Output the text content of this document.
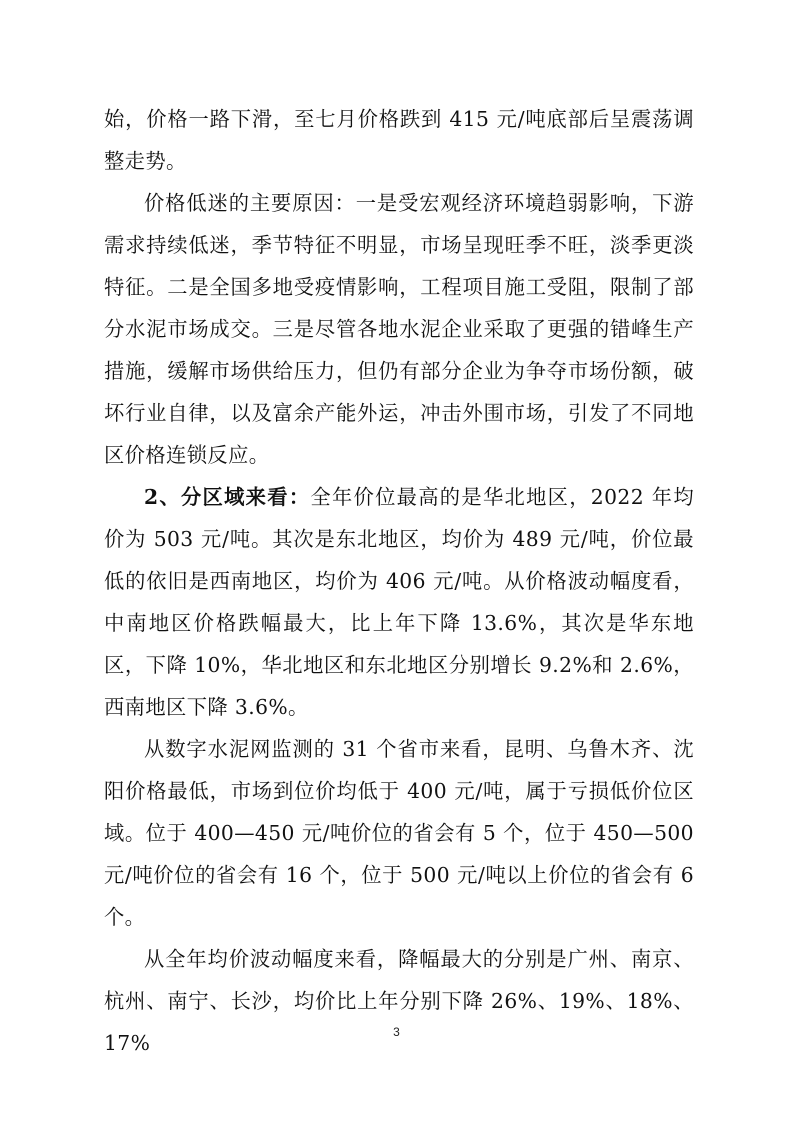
始，价格一路下滑，至七月价格跌到 415 元/吨底部后呈震荡调整走势。

价格低迷的主要原因：一是受宏观经济环境趋弱影响，下游需求持续低迷，季节特征不明显，市场呈现旺季不旺，淡季更淡特征。二是全国多地受疫情影响，工程项目施工受阻，限制了部分水泥市场成交。三是尽管各地水泥企业采取了更强的错峰生产措施，缓解市场供给压力，但仍有部分企业为争夺市场份额，破坏行业自律，以及富余产能外运，冲击外围市场，引发了不同地区价格连锁反应。

2、分区域来看：全年价位最高的是华北地区，2022 年均价为 503 元/吨。其次是东北地区，均价为 489 元/吨，价位最低的依旧是西南地区，均价为 406 元/吨。从价格波动幅度看，中南地区价格跌幅最大，比上年下降 13.6%，其次是华东地区，下降 10%，华北地区和东北地区分别增长 9.2%和 2.6%，西南地区下降 3.6%。

从数字水泥网监测的 31 个省市来看，昆明、乌鲁木齐、沈阳价格最低，市场到位价均低于 400 元/吨，属于亏损低价位区域。位于 400—450 元/吨价位的省会有 5 个，位于 450—500 元/吨价位的省会有 16 个，位于 500 元/吨以上价位的省会有 6 个。

从全年均价波动幅度来看，降幅最大的分别是广州、南京、杭州、南宁、长沙，均价比上年分别下降 26%、19%、18%、17%	3
